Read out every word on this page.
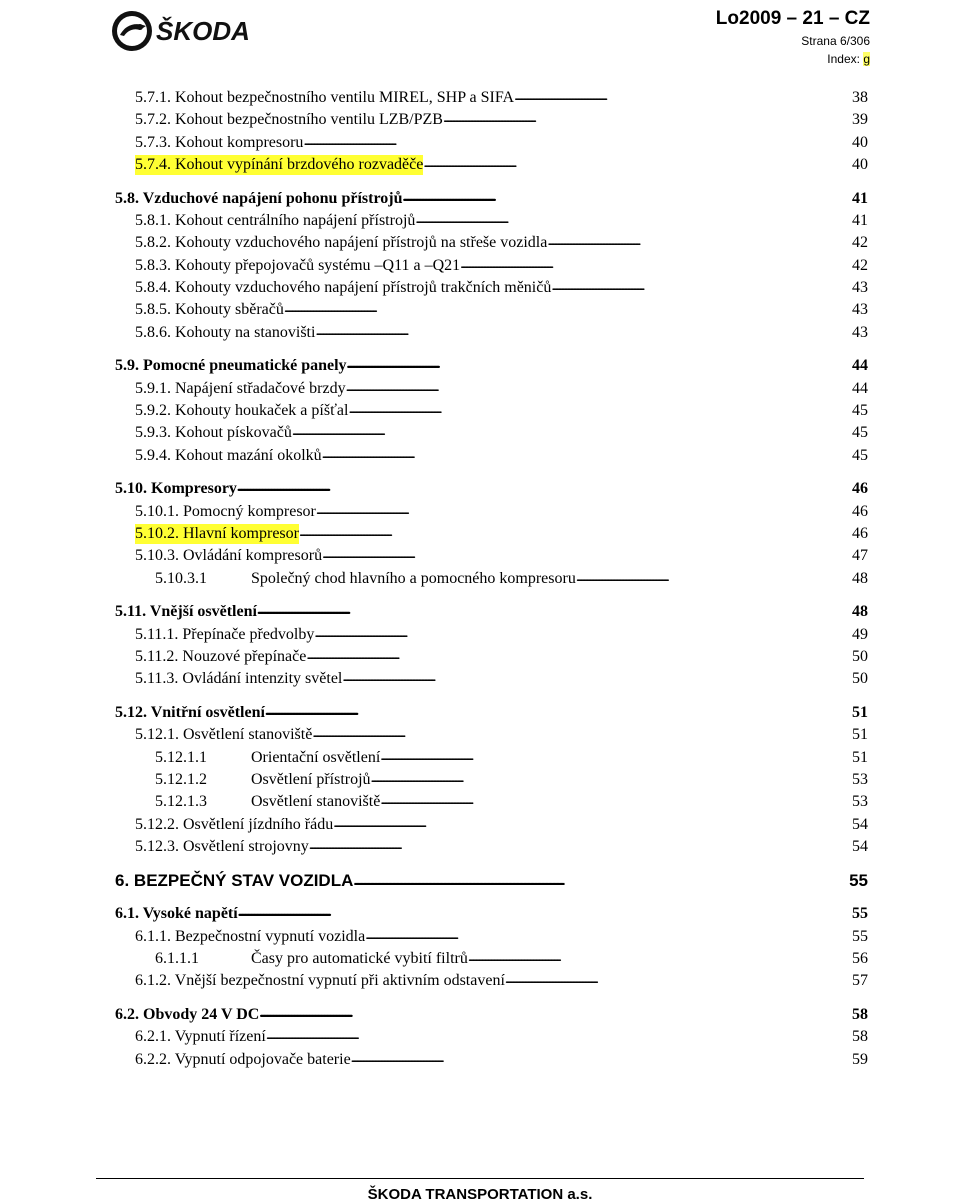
ŠKODA	Lo2009 – 21 – CZ
Strana 6/306
Index: g
5.7.1. Kohout bezpečnostního ventilu MIREL, SHP a SIFA . . .	38
5.7.2. Kohout bezpečnostního ventilu LZB/PZB . . .	39
5.7.3. Kohout kompresoru . . .	40
5.7.4. Kohout vypínání brzdového rozvaděče . . .	40
5.8. Vzduchové napájení pohonu přístrojů . . .	41
5.8.1. Kohout centrálního napájení přístrojů . . .	41
5.8.2. Kohouty vzduchového napájení přístrojů na střeše vozidla . . .	42
5.8.3. Kohouty přepojovačů systému –Q11 a –Q21 . . .	42
5.8.4. Kohouty vzduchového napájení přístrojů trakčních měničů . . .	43
5.8.5. Kohouty sběračů . . .	43
5.8.6. Kohouty na stanovišti . . .	43
5.9. Pomocné pneumatické panely . . .	44
5.9.1. Napájení střadačové brzdy . . .	44
5.9.2. Kohouty houkaček a píšťal . . .	45
5.9.3. Kohout pískovačů . . .	45
5.9.4. Kohout mazání okolků . . .	45
5.10. Kompresory . . .	46
5.10.1. Pomocný kompresor . . .	46
5.10.2. Hlavní kompresor . . .	46
5.10.3. Ovládání kompresorů . . .	47
5.10.3.1	Společný chod hlavního a pomocného kompresoru . . .	48
5.11. Vnější osvětlení . . .	48
5.11.1. Přepínače předvolby . . .	49
5.11.2. Nouzové přepínače . . .	50
5.11.3. Ovládání intenzity světel . . .	50
5.12. Vnitřní osvětlení . . .	51
5.12.1. Osvětlení stanoviště . . .	51
5.12.1.1	Orientační osvětlení . . .	51
5.12.1.2	Osvětlení přístrojů . . .	53
5.12.1.3	Osvětlení stanoviště . . .	53
5.12.2. Osvětlení jízdního řádu . . .	54
5.12.3. Osvětlení strojovny . . .	54
6. BEZPEČNÝ STAV VOZIDLA . . .	55
6.1. Vysoké napětí . . .	55
6.1.1. Bezpečnostní vypnutí vozidla . . .	55
6.1.1.1	Časy pro automatické vybití filtrů . . .	56
6.1.2. Vnější bezpečnostní vypnutí při aktivním odstavení . . .	57
6.2. Obvody 24 V DC . . .	58
6.2.1. Vypnutí řízení . . .	58
6.2.2. Vypnutí odpojovače baterie . . .	59
ŠKODA TRANSPORTATION a.s.
